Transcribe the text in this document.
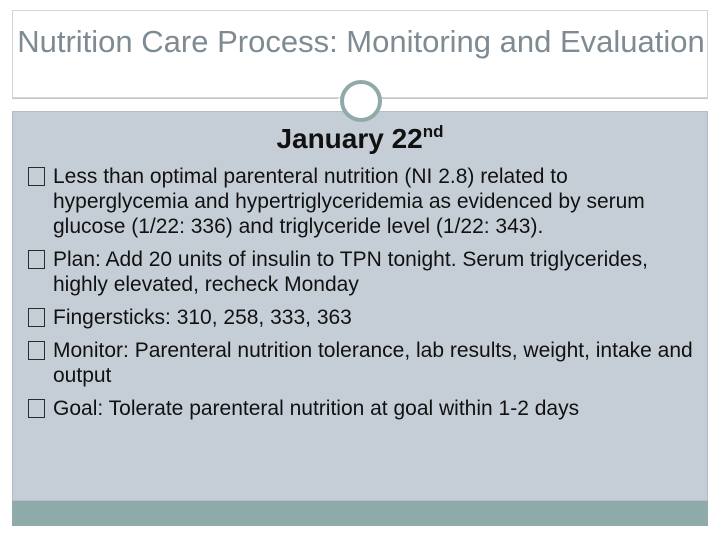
Nutrition Care Process: Monitoring and Evaluation
January 22nd
Less than optimal parenteral nutrition (NI 2.8) related to hyperglycemia and hypertriglyceridemia as evidenced by serum glucose (1/22: 336) and triglyceride level (1/22: 343).
Plan: Add 20 units of insulin to TPN tonight. Serum triglycerides, highly elevated, recheck Monday
Fingersticks: 310, 258, 333, 363
Monitor: Parenteral nutrition tolerance, lab results, weight, intake and output
Goal: Tolerate parenteral nutrition at goal within 1-2 days
